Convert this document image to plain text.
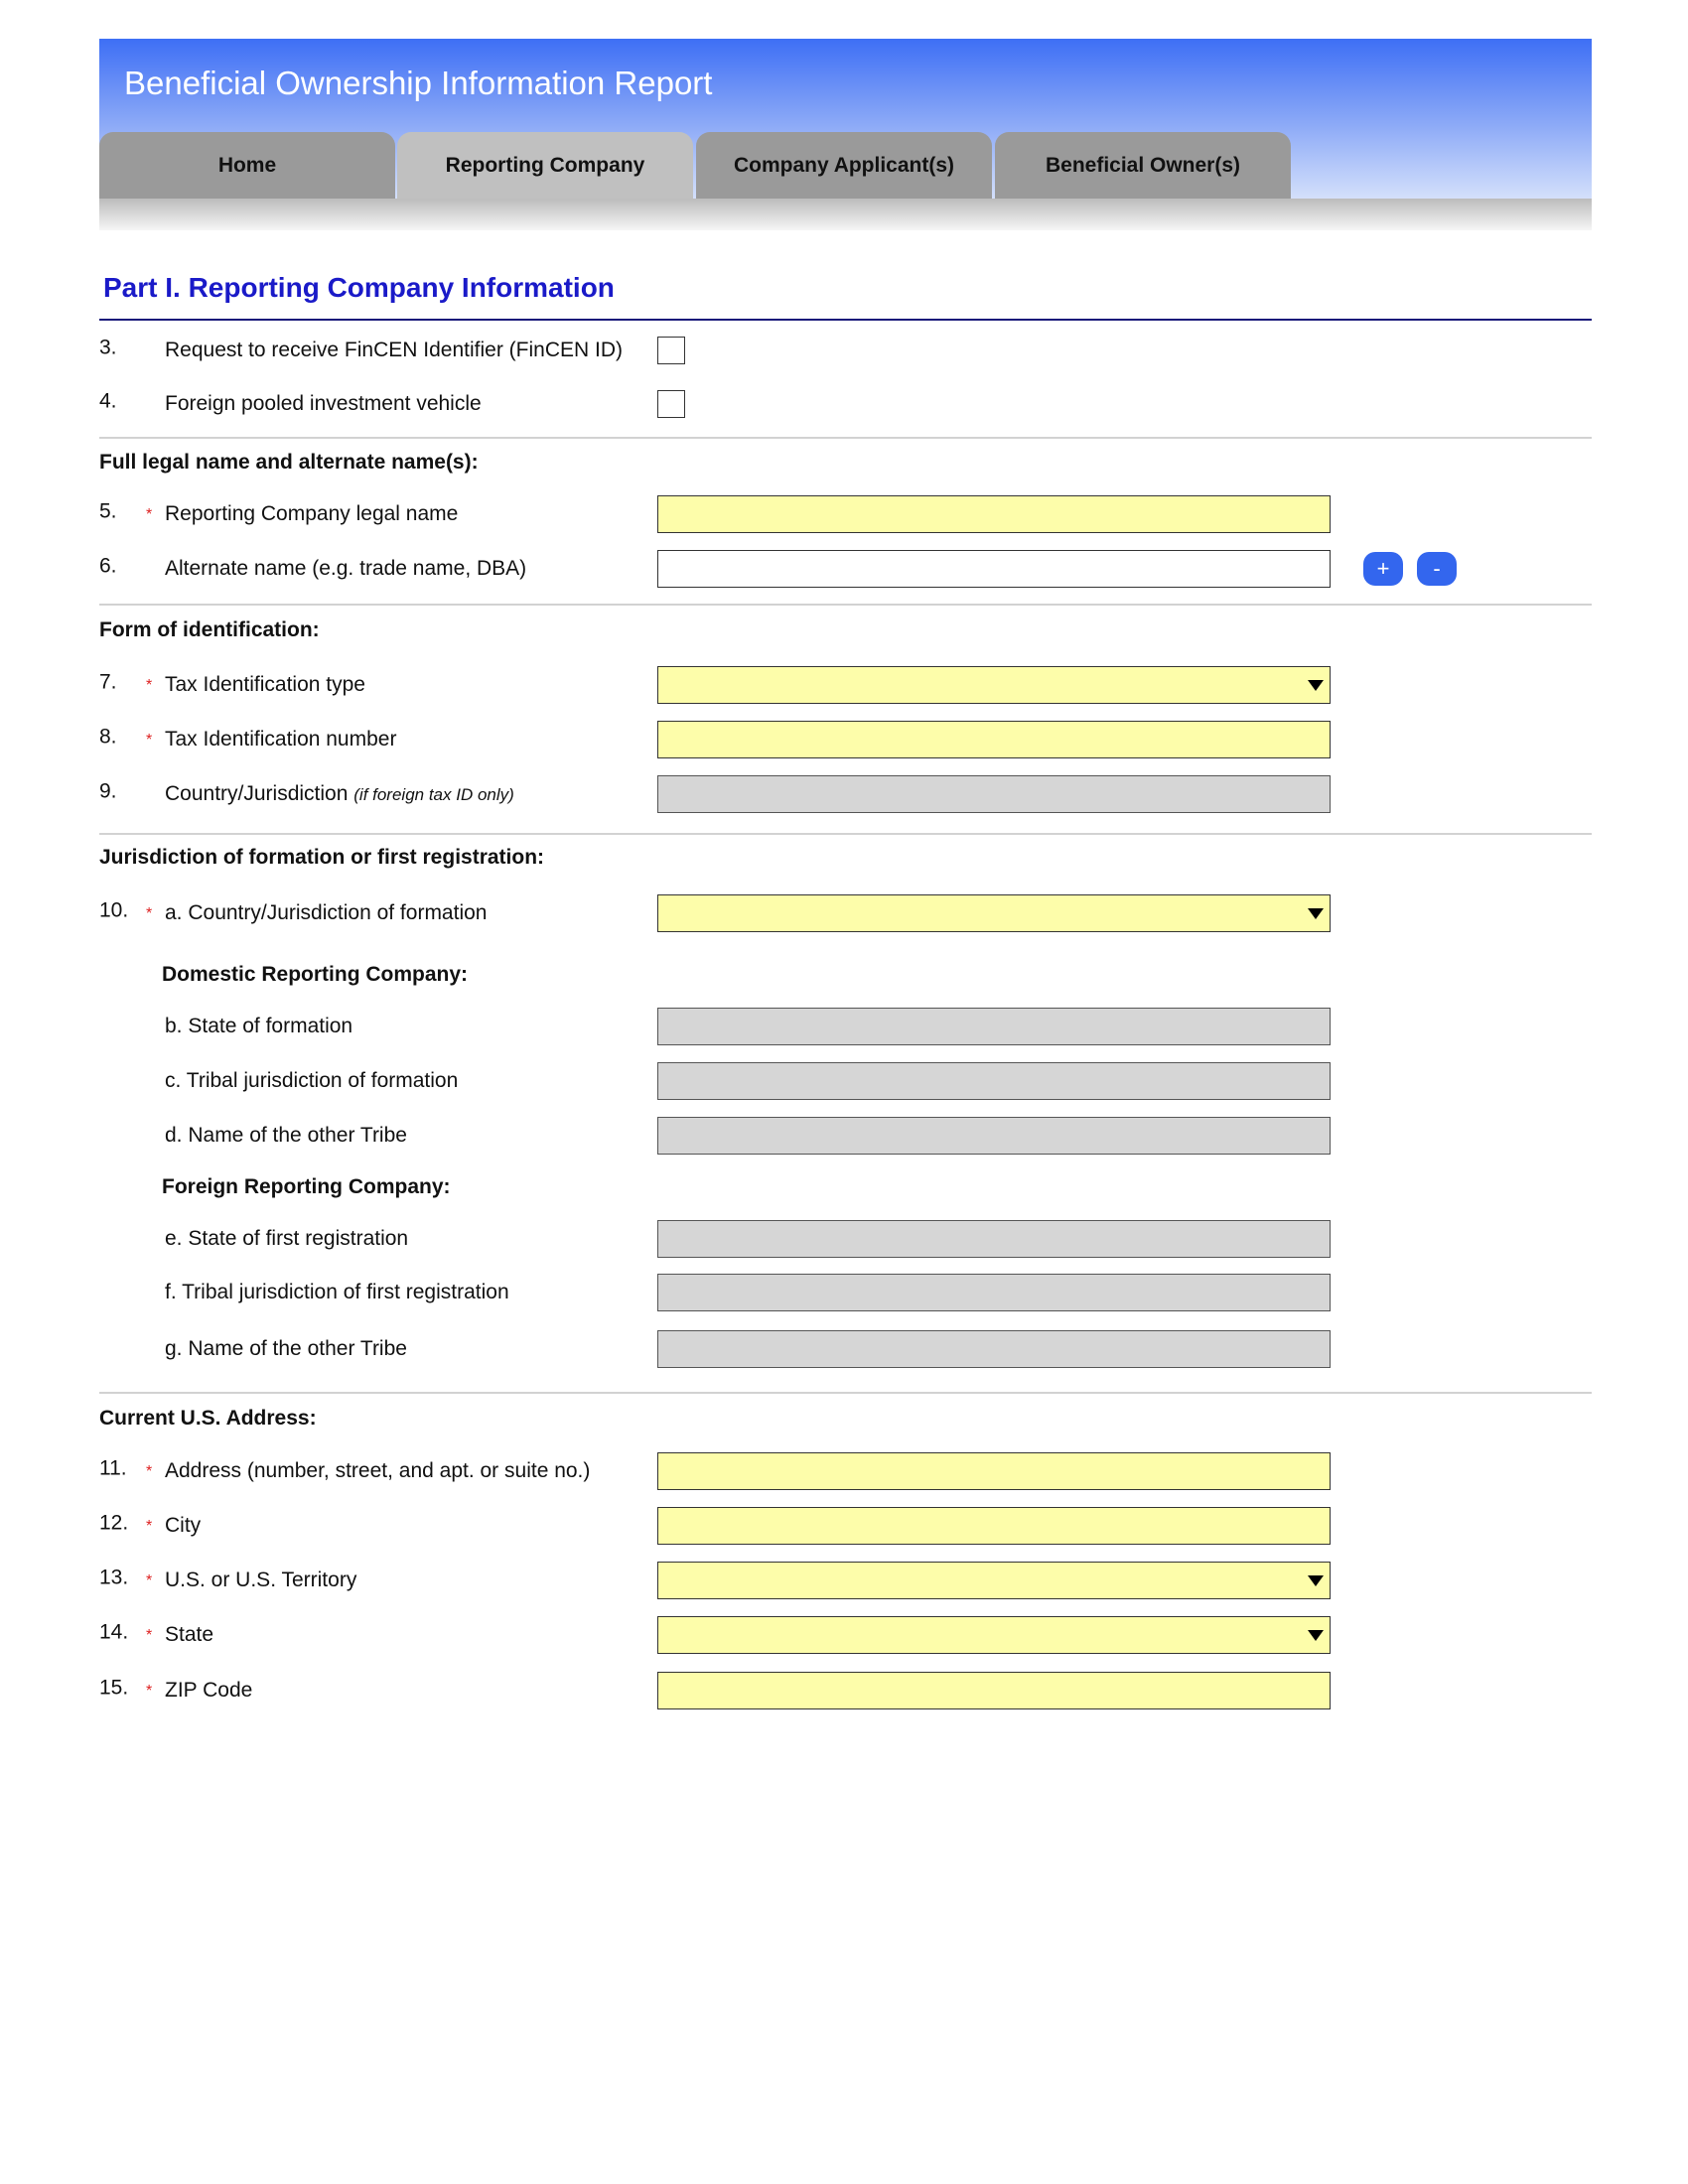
Beneficial Ownership Information Report
Home	Reporting Company	Company Applicant(s)	Beneficial Owner(s)
Part I. Reporting Company Information
3. Request to receive FinCEN Identifier (FinCEN ID)
4. Foreign pooled investment vehicle
Full legal name and alternate name(s):
5. * Reporting Company legal name
6. Alternate name (e.g. trade name, DBA)	+	-
Form of identification:
7. * Tax Identification type
8. * Tax Identification number
9. Country/Jurisdiction (if foreign tax ID only)
Jurisdiction of formation or first registration:
10. * a. Country/Jurisdiction of formation
Domestic Reporting Company:
b. State of formation
c. Tribal jurisdiction of formation
d. Name of the other Tribe
Foreign Reporting Company:
e. State of first registration
f. Tribal jurisdiction of first registration
g. Name of the other Tribe
Current U.S. Address:
11. * Address (number, street, and apt. or suite no.)
12. * City
13. * U.S. or U.S. Territory
14. * State
15. * ZIP Code
